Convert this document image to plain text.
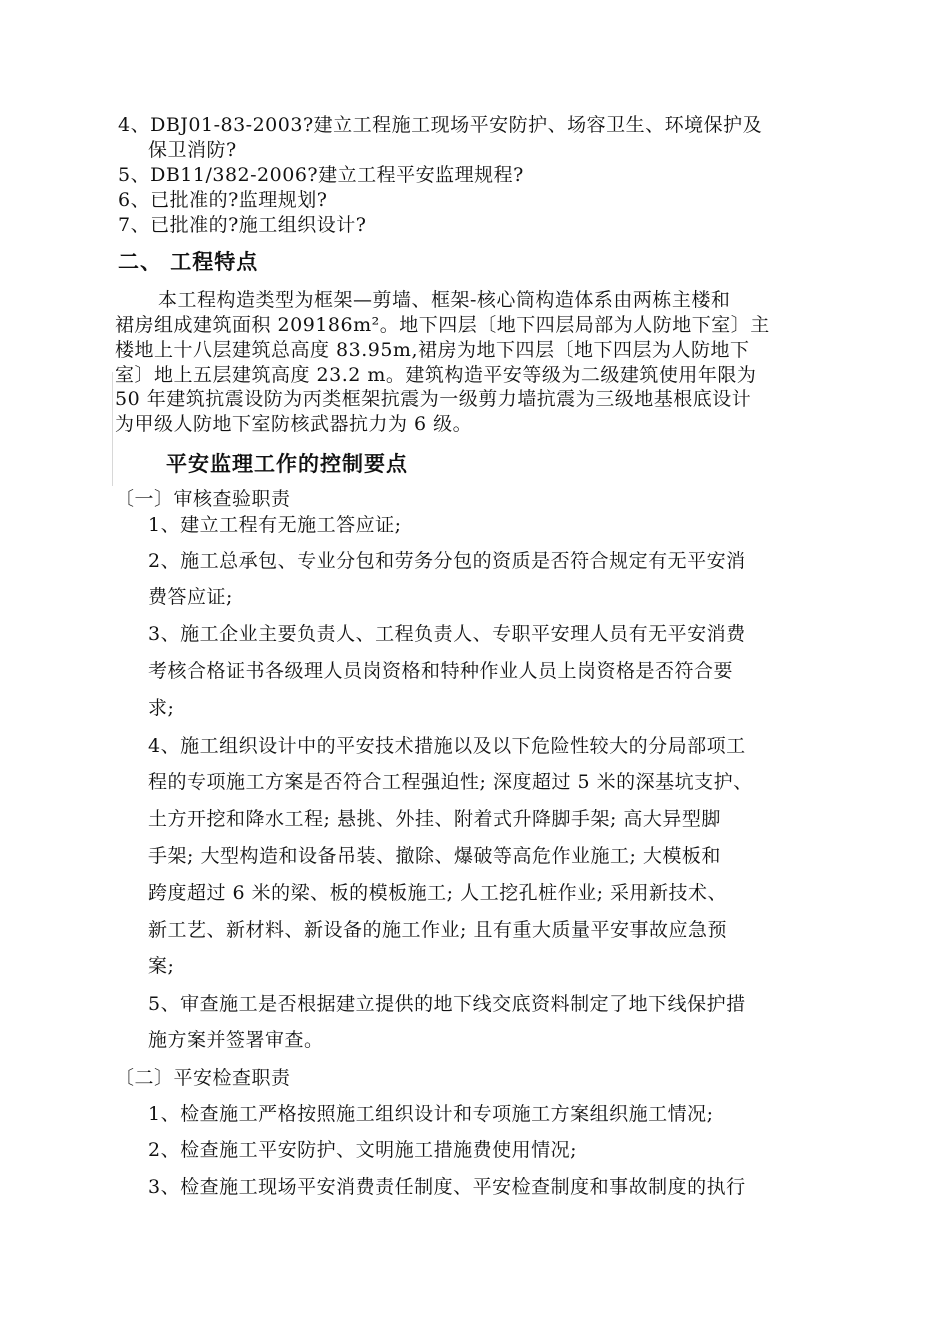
4、DBJ01-83-2003?建立工程施工现场平安防护、场容卫生、环境保护及
保卫消防?
5、DB11/382-2006?建立工程平安监理规程?
6、已批准的?监理规划?
7、已批准的?施工组织设计?
二、 工程特点
本工程构造类型为框架—剪墙、框架-核心筒构造体系由两栋主楼和
裙房组成建筑面积 209186m²。地下四层〔地下四层局部为人防地下室〕主
楼地上十八层建筑总高度 83.95m,裙房为地下四层〔地下四层为人防地下
室〕地上五层建筑高度 23.2 m。建筑构造平安等级为二级建筑使用年限为
50 年建筑抗震设防为丙类框架抗震为一级剪力墙抗震为三级地基根底设计
为甲级人防地下室防核武器抗力为 6 级。
平安监理工作的控制要点
〔一〕审核查验职责
1、建立工程有无施工答应证;
2、施工总承包、专业分包和劳务分包的资质是否符合规定有无平安消
费答应证;
3、施工企业主要负责人、工程负责人、专职平安理人员有无平安消费
考核合格证书各级理人员岗资格和特种作业人员上岗资格是否符合要
求;
4、施工组织设计中的平安技术措施以及以下危险性较大的分局部项工
程的专项施工方案是否符合工程强迫性; 深度超过 5 米的深基坑支护、
土方开挖和降水工程; 悬挑、外挂、附着式升降脚手架; 高大异型脚
手架; 大型构造和设备吊装、撤除、爆破等高危作业施工; 大模板和
跨度超过 6 米的梁、板的模板施工; 人工挖孔桩作业; 采用新技术、
新工艺、新材料、新设备的施工作业; 且有重大质量平安事故应急预
案;
5、审查施工是否根据建立提供的地下线交底资料制定了地下线保护措
施方案并签署审查。
〔二〕平安检查职责
1、检查施工严格按照施工组织设计和专项施工方案组织施工情况;
2、检查施工平安防护、文明施工措施费使用情况;
3、检查施工现场平安消费责任制度、平安检查制度和事故制度的执行
